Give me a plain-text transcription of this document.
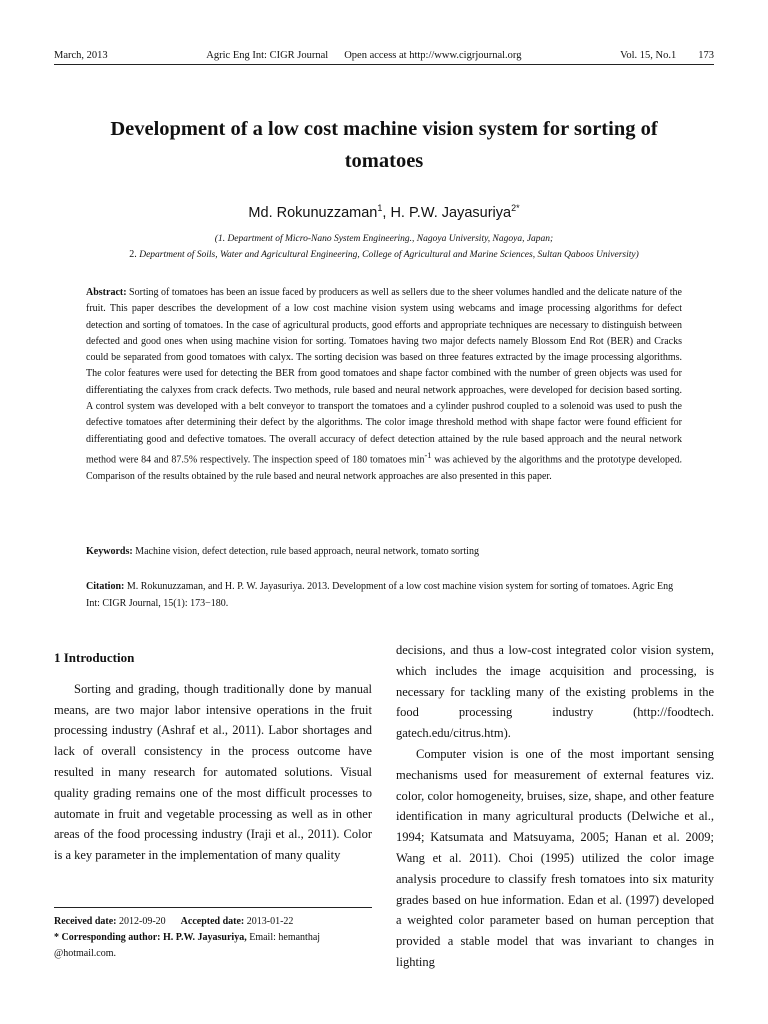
March, 2013	Agric Eng Int: CIGR Journal Open access at http://www.cigrjournal.org	Vol. 15, No.1 173
Development of a low cost machine vision system for sorting of
tomatoes
Md. Rokunuzzaman$^1$, H. P.W. Jayasuriya$^{2*}$
(1. Department of Micro-Nano System Engineering., Nagoya University, Nagoya, Japan;
2. Department of Soils, Water and Agricultural Engineering, College of Agricultural and Marine Sciences, Sultan Qaboos University)
Abstract: Sorting of tomatoes has been an issue faced by producers as well as sellers due to the sheer volumes handled and the delicate nature of the fruit. This paper describes the development of a low cost machine vision system using webcams and image processing algorithms for defect detection and sorting of tomatoes. In the case of agricultural products, good efforts and appropriate techniques are necessary to distinguish between defected and good ones when using machine vision for sorting. Tomatoes having two major defects namely Blossom End Rot (BER) and Cracks could be separated from good tomatoes with calyx. The sorting decision was based on three features extracted by the image processing algorithms. The color features were used for detecting the BER from good tomatoes and shape factor combined with the number of green objects was used for differentiating the calyxes from crack defects. Two methods, rule based and neural network approaches, were developed for decision based sorting. A control system was developed with a belt conveyor to transport the tomatoes and a cylinder pushrod coupled to a solenoid was used to push the defective tomatoes after determining their defect by the algorithms. The color image threshold method with shape factor were found efficient for differentiating good and defective tomatoes. The overall accuracy of defect detection attained by the rule based approach and the neural network method were 84 and 87.5% respectively. The inspection speed of 180 tomatoes $\min^{-1}$ was achieved by the algorithms and the prototype developed. Comparison of the results obtained by the rule based and neural network approaches are also presented in this paper.
Keywords: Machine vision, defect detection, rule based approach, neural network, tomato sorting
Citation: M. Rokunuzzaman, and H. P. W. Jayasuriya. 2013. Development of a low cost machine vision system for sorting of tomatoes. Agric Eng Int: CIGR Journal, 15(1): 173−180.
1 Introduction

Sorting and grading, though traditionally done by manual means, are two major labor intensive operations in the fruit processing industry (Ashraf et al., 2011). Labor shortages and lack of overall consistency in the process outcome have resulted in many research for automated solutions. Visual quality grading remains one of the most difficult processes to automate in fruit and vegetable processing as well as in other areas of the food processing industry (Iraji et al., 2011). Color is a key parameter in the implementation of many quality

decisions, and thus a low-cost integrated color vision system, which includes the image acquisition and processing, is necessary for tackling many of the existing problems in the food processing industry (http://foodtech. gatech.edu/citrus.htm).

Computer vision is one of the most important sensing mechanisms used for measurement of external features viz. color, color homogeneity, bruises, size, shape, and other feature identification in many agricultural products (Delwiche et al., 1994; Katsumata and Matsuyama, 2005; Hanan et al. 2009; Wang et al. 2011). Choi (1995) utilized the color image analysis procedure to classify fresh tomatoes into six maturity grades based on hue information. Edan et al. (1997) developed a weighted color parameter based on human perception that provided a stable model that was invariant to changes in lighting

Received date: 2012-09-20 Accepted date: 2013-01-22
* Corresponding author: H. P.W. Jayasuriya, Email: hemanthaj @hotmail.com.
